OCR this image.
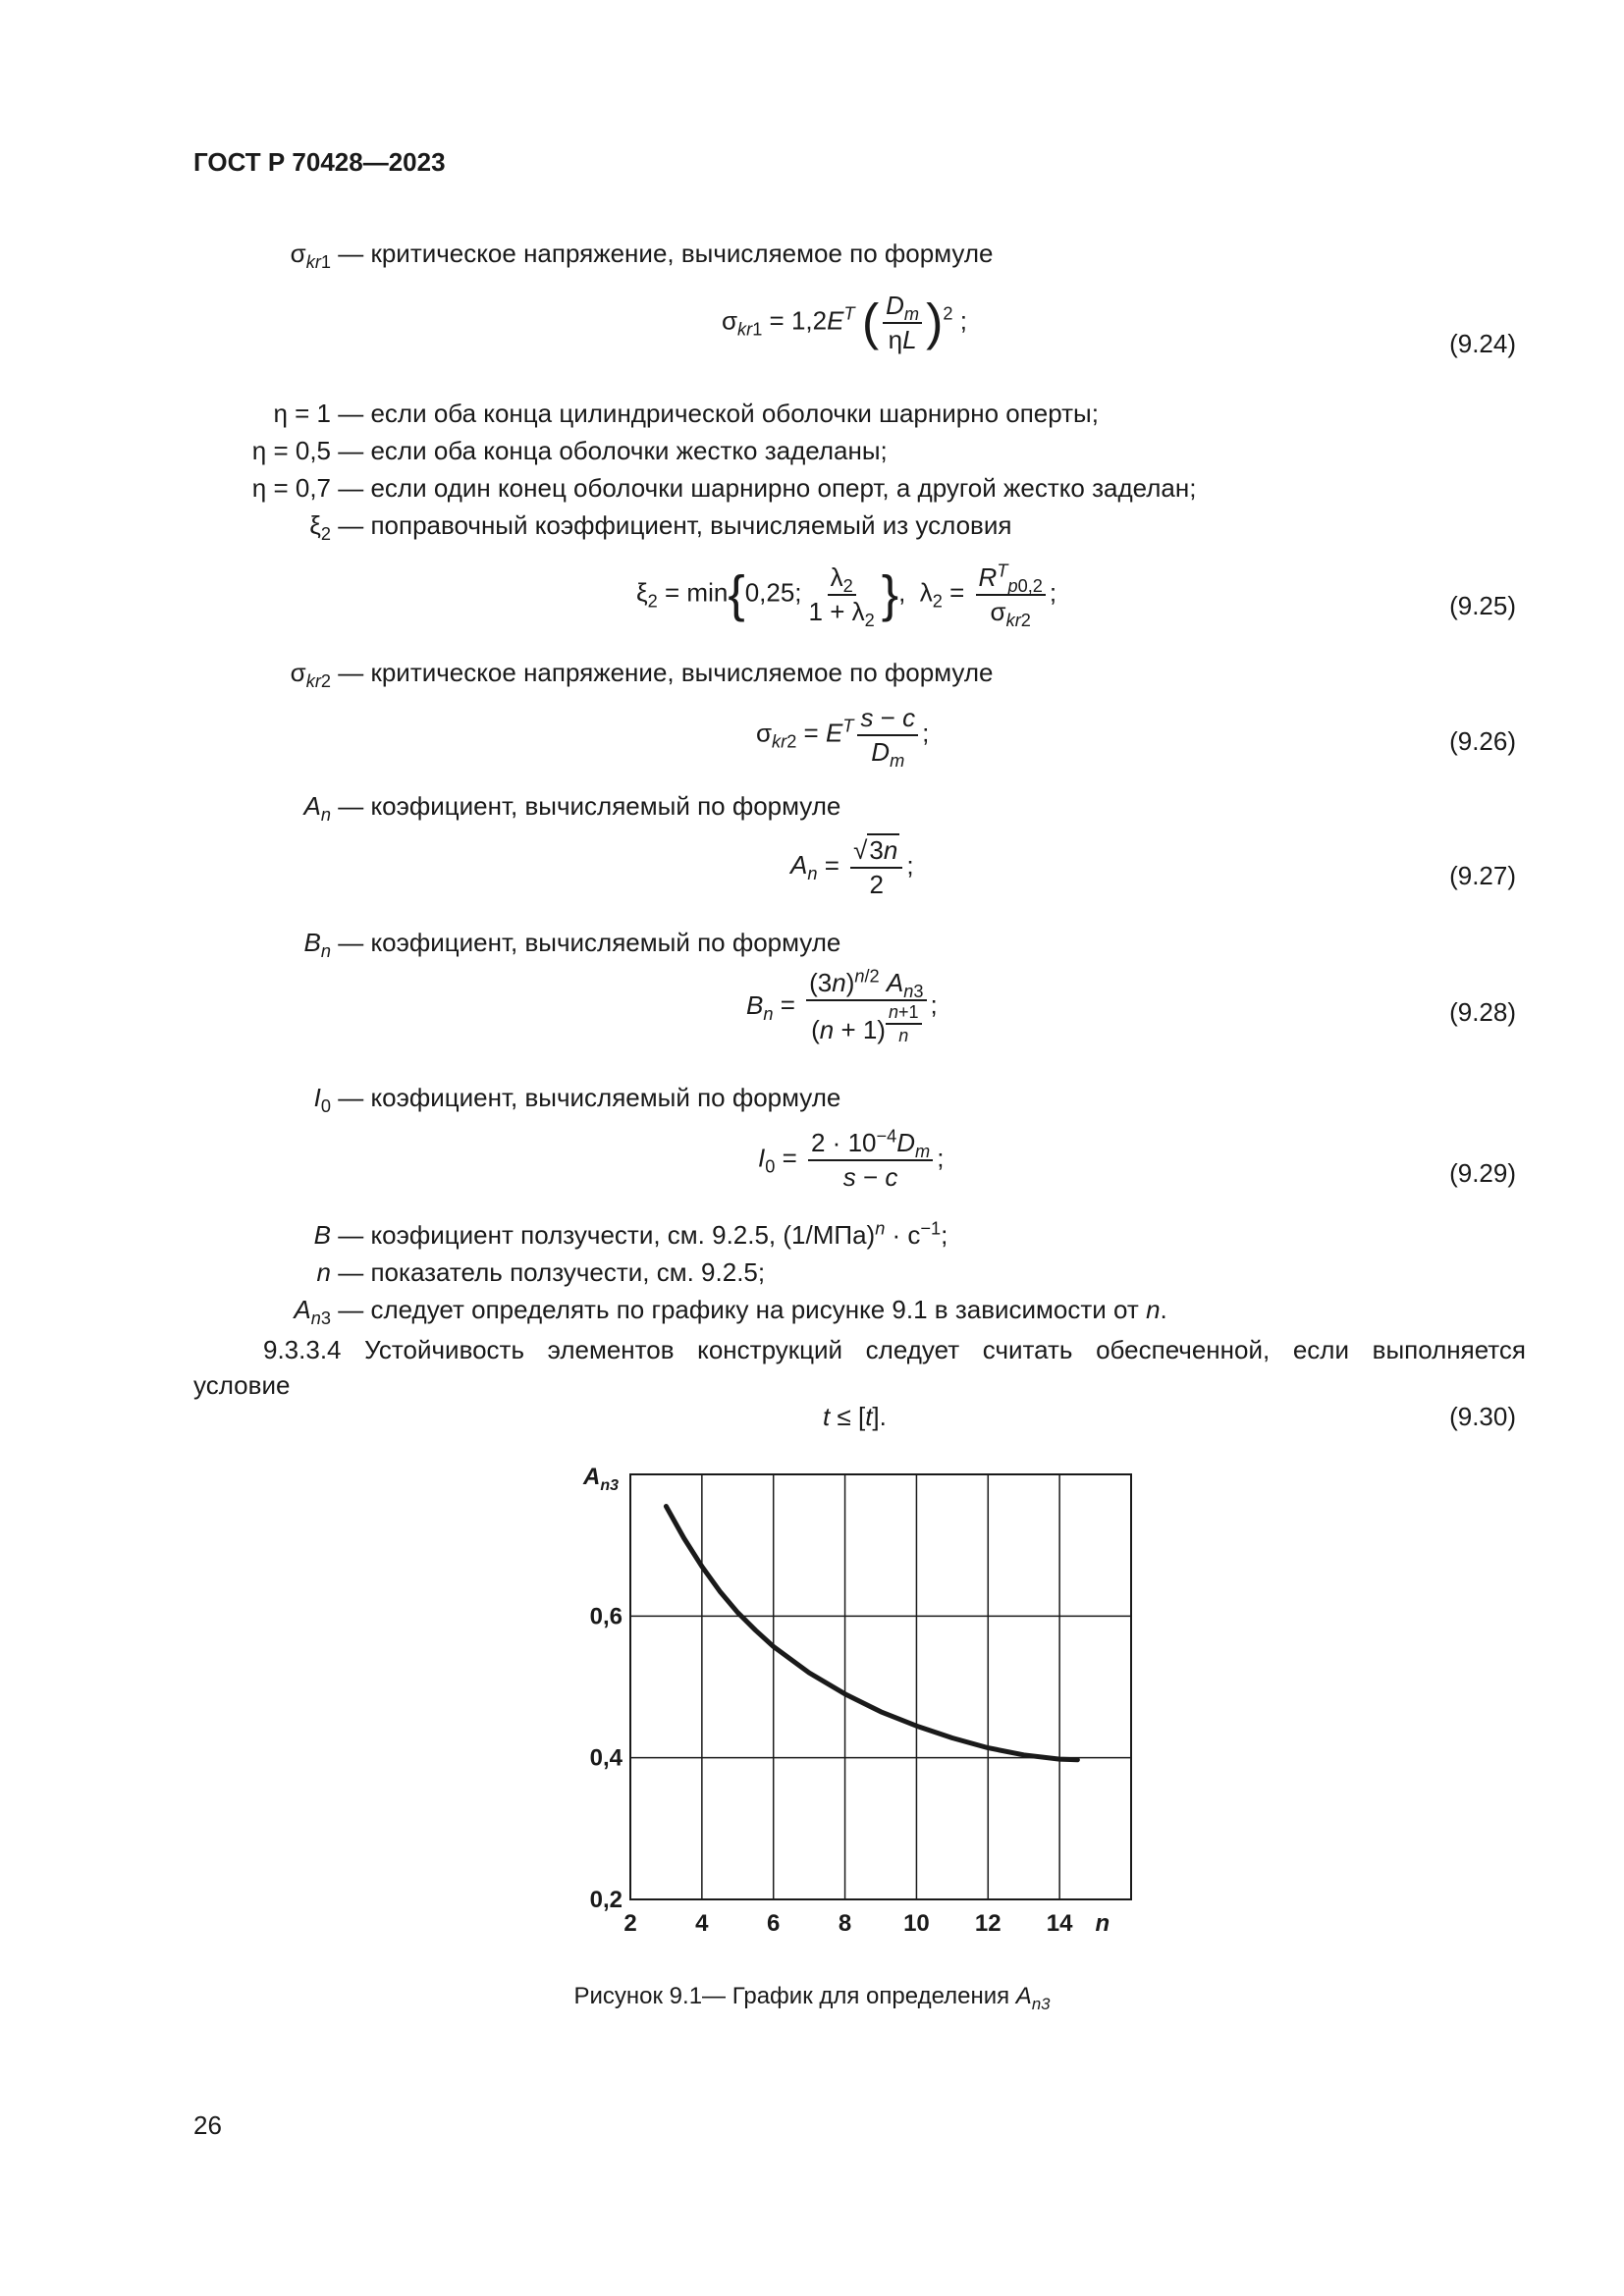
ГОСТ Р 70428—2023
$\sigma_{kr1}$ — критическое напряжение, вычисляемое по формуле
$\sigma_{kr1} = 1,2E^T$ ( $\frac{D_m}{\eta L} )^2$ ;
(9.24)
η = 1 — если оба конца цилиндрической оболочки шарнирно оперты;
η = 0,5 — если оба конца оболочки жестко заделаны;
η = 0,7 — если один конец оболочки шарнирно оперт, а другой жестко заделан;
$\xi_2$ — поправочный коэффициент, вычисляемый из условия
$\xi_2 = \min\{0,25$; $\frac{\lambda_2}{1 + \lambda_2}$ },  $\lambda_2 = \frac{R^T_{p0,2}}{\sigma_{kr2}}$ ;	(9.25)
$\sigma_{kr2}$ — критическое напряжение, вычисляемое по формуле
$\sigma_{kr2} = E^T \frac{s - c}{D_m}$ ;	(9.26)
$A_n$ — коэфициент, вычисляемый по формуле
$A_n = \frac{√3n}{2}$ ;	(9.27)
$B_n$ — коэфициент, вычисляемый по формуле
$B_n = (3n)^{n/2}$ $A_{n3}$
(n + 1) $^{\frac{n+1}{n}}$ ;	(9.28)
$I_0$ — коэфициент, вычисляемый по формуле
$I_0 = \frac{2 \cdot 10^{-4}D_m}{s - c}$ ;
(9.29)
B — коэфициент ползучести, см. 9.2.5, $(1/МПа)^n \cdot с^{-1}$;
n — показатель ползучести, см. 9.2.5;
$A_{n3}$ — следует определять по графику на рисунке 9.1 в зависимости от n.
9.3.3.4 Устойчивость элементов конструкций следует считать обеспеченной, если выполняется
условие
t ≤ [t].	(9.30)
2 4 6 8 10 12 14
0,2
0,4
0,6
n
$A_{n3}$
Рисунок 9.1— График для определения $A_{n3}$
26
